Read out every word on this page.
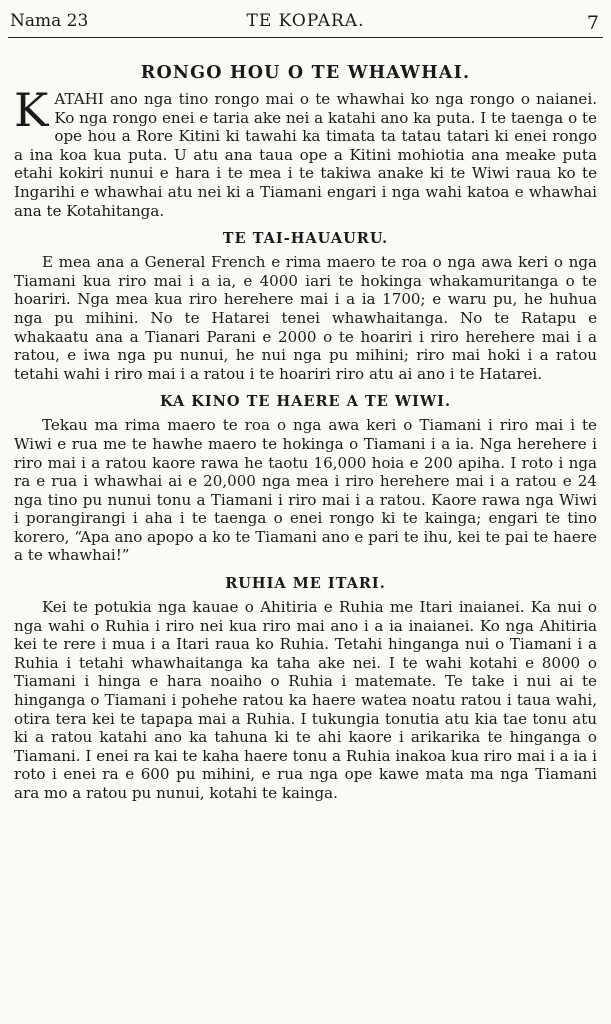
Nama 23	TE KOPARA.	7
RONGO HOU O TE WHAWHAI.

KATAHI ano nga tino rongo mai o te whawhai ko nga rongo o naianei. Ko nga rongo enei e taria ake nei a katahi ano ka puta. I te taenga o te ope hou a Rore Kitini ki tawahi ka timata ta tatau tatari ki enei rongo a ina koa kua puta. U atu ana taua ope a Kitini mohiotia ana meake puta etahi kokiri nunui e hara i te mea i te takiwa anake ki te Wiwi raua ko te Ingarihi e whawhai atu nei ki a Tiamani engari i nga wahi katoa e whawhai ana te Kotahitanga.

TE TAI-HAUAURU.

E mea ana a General French e rima maero te roa o nga awa keri o nga Tiamani kua riro mai i a ia, e 4000 iari te hokinga whakamuritanga o te hoariri. Nga mea kua riro herehere mai i a ia 1700; e waru pu, he huhua nga pu mihini. No te Hatarei tenei whawhaitanga. No te Ratapu e whakaatu ana a Tianari Parani e 2000 o te hoariri i riro herehere mai i a ratou, e iwa nga pu nunui, he nui nga pu mihini; riro mai hoki i a ratou tetahi wahi i riro mai i a ratou i te hoariri riro atu ai ano i te Hatarei.

KA KINO TE HAERE A TE WIWI.

Tekau ma rima maero te roa o nga awa keri o Tiamani i riro mai i te Wiwi e rua me te hawhe maero te hokinga o Tiamani i a ia. Nga herehere i riro mai i a ratou kaore rawa he taotu 16,000 hoia e 200 apiha. I roto i nga ra e rua i whawhai ai e 20,000 nga mea i riro herehere mai i a ratou e 24 nga tino pu nunui tonu a Tiamani i riro mai i a ratou. Kaore rawa nga Wiwi i porangirangi i aha i te taenga o enei rongo ki te kainga; engari te tino korero, “Apa ano apopo a ko te Tiamani ano e pari te ihu, kei te pai te haere a te whawhai!”

RUHIA ME ITARI.

Kei te potukia nga kauae o Ahitiria e Ruhia me Itari inaianei. Ka nui o nga wahi o Ruhia i riro nei kua riro mai ano i a ia inaianei. Ko nga Ahitiria kei te rere i mua i a Itari raua ko Ruhia. Tetahi hinganga nui o Tiamani i a Ruhia i tetahi whawhaitanga ka taha ake nei. I te wahi kotahi e 8000 o Tiamani i hinga e hara noaiho o Ruhia i matemate. Te take i nui ai te hinganga o Tiamani i pohehe ratou ka haere watea noatu ratou i taua wahi, otira tera kei te tapapa mai a Ruhia. I tukungia tonutia atu kia tae tonu atu ki a ratou katahi ano ka tahuna ki te ahi kaore i arikarika te hinganga o Tiamani. I enei ra kai te kaha haere tonu a Ruhia inakoa kua riro mai i a ia i roto i enei ra e 600 pu mihini, e rua nga ope kawe mata ma nga Tiamani ara mo a ratou pu nunui, kotahi te kainga.
